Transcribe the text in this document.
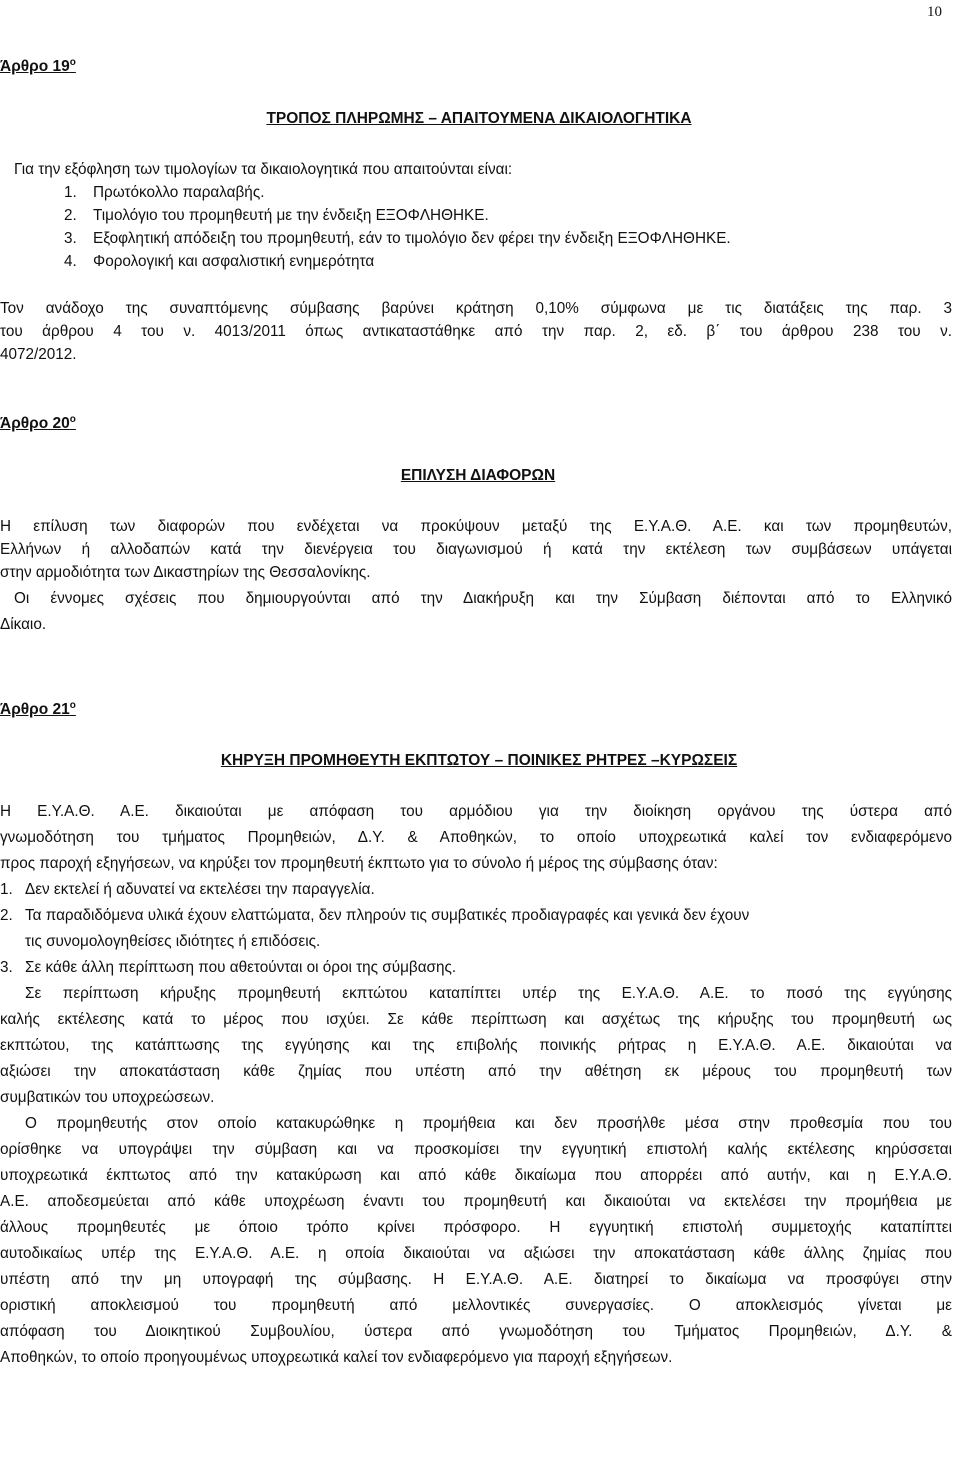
10
Άρθρο $19^o$
ΤΡΟΠΟΣ ΠΛΗΡΩΜΗΣ – ΑΠΑΙΤΟΥΜΕΝΑ ΔΙΚΑΙΟΛΟΓΗΤΙΚΑ
Για την εξόφληση των τιμολογίων τα δικαιολογητικά που απαιτούνται είναι:
1. Πρωτόκολλο παραλαβής.
2. Τιμολόγιο του προμηθευτή με την ένδειξη ΕΞΟΦΛΗΘΗΚΕ.
3. Εξοφλητική απόδειξη του προμηθευτή, εάν το τιμολόγιο δεν φέρει την ένδειξη ΕΞΟΦΛΗΘΗΚΕ.
4. Φορολογική και ασφαλιστική ενημερότητα
Τον ανάδοχο της συναπτόμενης σύμβασης βαρύνει κράτηση 0,10% σύμφωνα με τις διατάξεις της παρ. 3
του άρθρου 4 του ν. 4013/2011 όπως αντικαταστάθηκε από την παρ. 2, εδ. β΄ του άρθρου 238 του ν.
4072/2012.
Άρθρο $20^o$
ΕΠΙΛΥΣΗ ΔΙΑΦΟΡΩΝ
Η επίλυση των διαφορών που ενδέχεται να προκύψουν μεταξύ της Ε.Υ.Α.Θ. Α.Ε. και των προμηθευτών,
Ελλήνων ή αλλοδαπών κατά την διενέργεια του διαγωνισμού ή κατά την εκτέλεση των συμβάσεων υπάγεται
στην αρμοδιότητα των Δικαστηρίων της Θεσσαλονίκης.
Οι έννομες σχέσεις που δημιουργούνται από την Διακήρυξη και την Σύμβαση διέπονται από το Ελληνικό
Δίκαιο.
Άρθρο $21^o$
ΚΗΡΥΞΗ ΠΡΟΜΗΘΕΥΤΗ ΕΚΠΤΩΤΟΥ – ΠΟΙΝΙΚΕΣ ΡΗΤΡΕΣ –ΚΥΡΩΣΕΙΣ
Η Ε.Υ.Α.Θ. Α.Ε. δικαιούται με απόφαση του αρμόδιου για την διοίκηση οργάνου της ύστερα από
γνωμοδότηση του τμήματος Προμηθειών, Δ.Υ. & Αποθηκών, το οποίο υποχρεωτικά καλεί τον ενδιαφερόμενο
προς παροχή εξηγήσεων, να κηρύξει τον προμηθευτή έκπτωτο για το σύνολο ή μέρος της σύμβασης όταν:
1. Δεν εκτελεί ή αδυνατεί να εκτελέσει την παραγγελία.
2. Τα παραδιδόμενα υλικά έχουν ελαττώματα, δεν πληρούν τις συμβατικές προδιαγραφές και γενικά δεν έχουν
τις συνομολογηθείσες ιδιότητες ή επιδόσεις.
3. Σε κάθε άλλη περίπτωση που αθετούνται οι όροι της σύμβασης.
Σε περίπτωση κήρυξης προμηθευτή εκπτώτου καταπίπτει υπέρ της Ε.Υ.Α.Θ. Α.Ε. το ποσό της εγγύησης
καλής εκτέλεσης κατά το μέρος που ισχύει. Σε κάθε περίπτωση και ασχέτως της κήρυξης του προμηθευτή ως
εκπτώτου, της κατάπτωσης της εγγύησης και της επιβολής ποινικής ρήτρας η Ε.Υ.Α.Θ. Α.Ε. δικαιούται να
αξιώσει την αποκατάσταση κάθε ζημίας που υπέστη από την αθέτηση εκ μέρους του προμηθευτή των
συμβατικών του υποχρεώσεων.
Ο προμηθευτής στον οποίο κατακυρώθηκε η προμήθεια και δεν προσήλθε μέσα στην προθεσμία που του
ορίσθηκε να υπογράψει την σύμβαση και να προσκομίσει την εγγυητική επιστολή καλής εκτέλεσης κηρύσσεται
υποχρεωτικά έκπτωτος από την κατακύρωση και από κάθε δικαίωμα που απορρέει από αυτήν, και η Ε.Υ.Α.Θ.
Α.Ε. αποδεσμεύεται από κάθε υποχρέωση έναντι του προμηθευτή και δικαιούται να εκτελέσει την προμήθεια με
άλλους προμηθευτές με όποιο τρόπο κρίνει πρόσφορο. Η εγγυητική επιστολή συμμετοχής καταπίπτει
αυτοδικαίως υπέρ της Ε.Υ.Α.Θ. Α.Ε. η οποία δικαιούται να αξιώσει την αποκατάσταση κάθε άλλης ζημίας που
υπέστη από την μη υπογραφή της σύμβασης. Η Ε.Υ.Α.Θ. Α.Ε. διατηρεί το δικαίωμα να προσφύγει στην
οριστική αποκλεισμού του προμηθευτή από μελλοντικές συνεργασίες. Ο αποκλεισμός γίνεται με
απόφαση του Διοικητικού Συμβουλίου, ύστερα από γνωμοδότηση του Τμήματος Προμηθειών, Δ.Υ. &
Αποθηκών, το οποίο προηγουμένως υποχρεωτικά καλεί τον ενδιαφερόμενο για παροχή εξηγήσεων.
